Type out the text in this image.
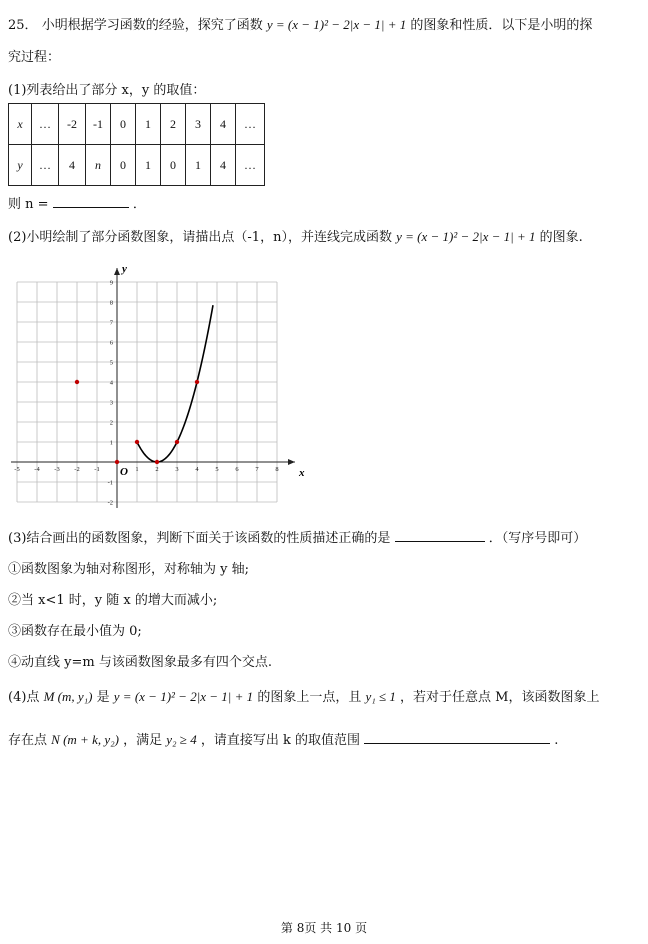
25． 小明根据学习函数的经验，探究了函数 y = (x − 1)² − 2|x − 1| + 1 的图象和性质．以下是小明的探
究过程：
(1)列表给出了部分 x，y 的取值：
x	…	-2	-1	0	1	2	3	4	…
y	…	4	n	0	1	0	1	4	…
则 n =	．
(2)小明绘制了部分函数图象，请描出点（-1，n），并连线完成函数 y = (x − 1)² − 2|x − 1| + 1 的图象.
-5 -4 -3 -2 -1	1	2	3	4	5	6	7	8
-2
-1
1
2
3
4
5
6
7
8
9
x
y
O
(3)结合画出的函数图象，判断下面关于该函数的性质描述正确的是	．（写序号即可）
①函数图象为轴对称图形，对称轴为 y 轴;
②当 x<1 时，y 随 x 的增大而减小;
③函数存在最小值为 0;
④动直线 y=m 与该函数图象最多有四个交点.
(4)点 M (m, y₁) 是 y = (x − 1)² − 2|x − 1| + 1 的图象上一点，且 y₁ ≤ 1 ，若对于任意点 M，该函数图象上
存在点 N (m + k, y₂) ，满足 y₂ ≥ 4 ，请直接写出 k 的取值范围	.
第 8页 共 10 页
